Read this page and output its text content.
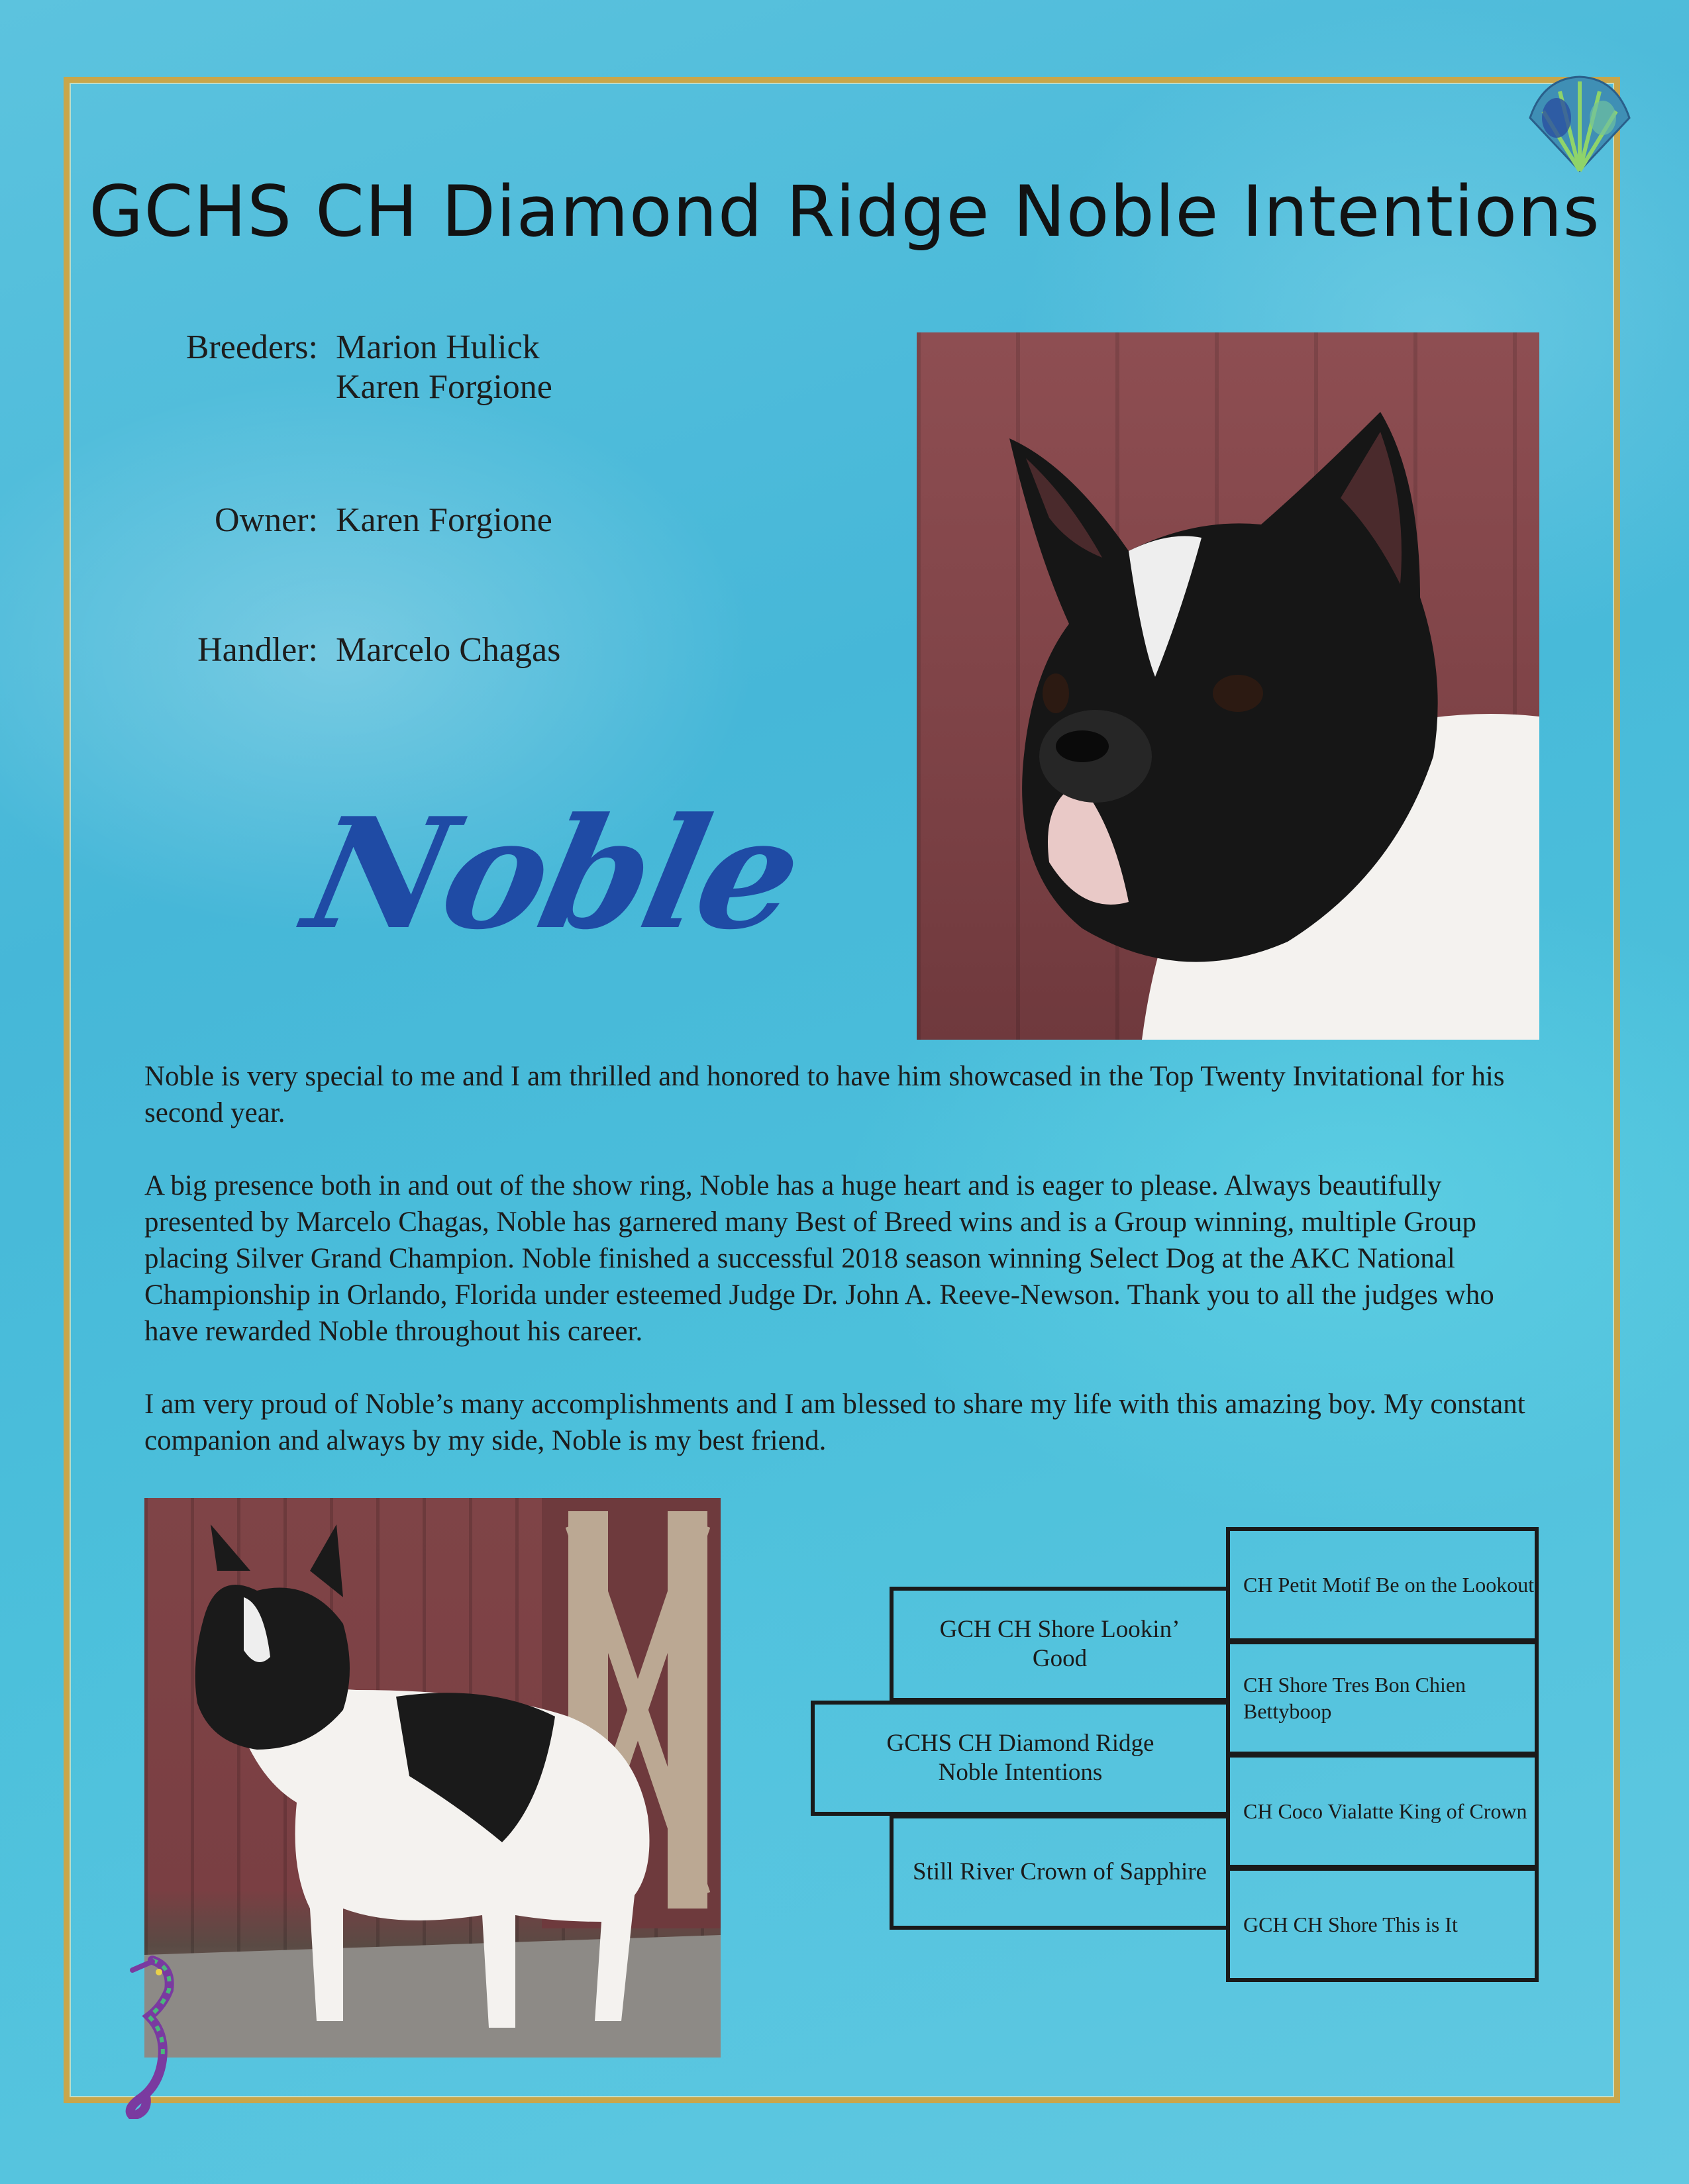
GCHS CH Diamond Ridge Noble Intentions
Breeders: Marion Hulick
Karen Forgione
Owner: Karen Forgione
Handler: Marcelo Chagas
Noble

Noble is very special to me and I am thrilled and honored to have him showcased in the Top Twenty Invitational for his second year.

A big presence both in and out of the show ring, Noble has a huge heart and is eager to please. Always beautifully presented by Marcelo Chagas, Noble has garnered many Best of Breed wins and is a Group winning, multiple Group placing Silver Grand Champion. Noble finished a successful 2018 season winning Select Dog at the AKC National Championship in Orlando, Florida under esteemed Judge Dr. John A. Reeve-Newson. Thank you to all the judges who have rewarded Noble throughout his career.

I am very proud of Noble’s many accomplishments and I am blessed to share my life with this amazing boy. My constant companion and always by my side, Noble is my best friend.

GCH CH Shore Lookin’ Good
GCHS CH Diamond Ridge Noble Intentions
Still River Crown of Sapphire
CH Petit Motif Be on the Lookout
CH Shore Tres Bon Chien Bettyboop
CH Coco Vialatte King of Crown
GCH CH Shore This is It
